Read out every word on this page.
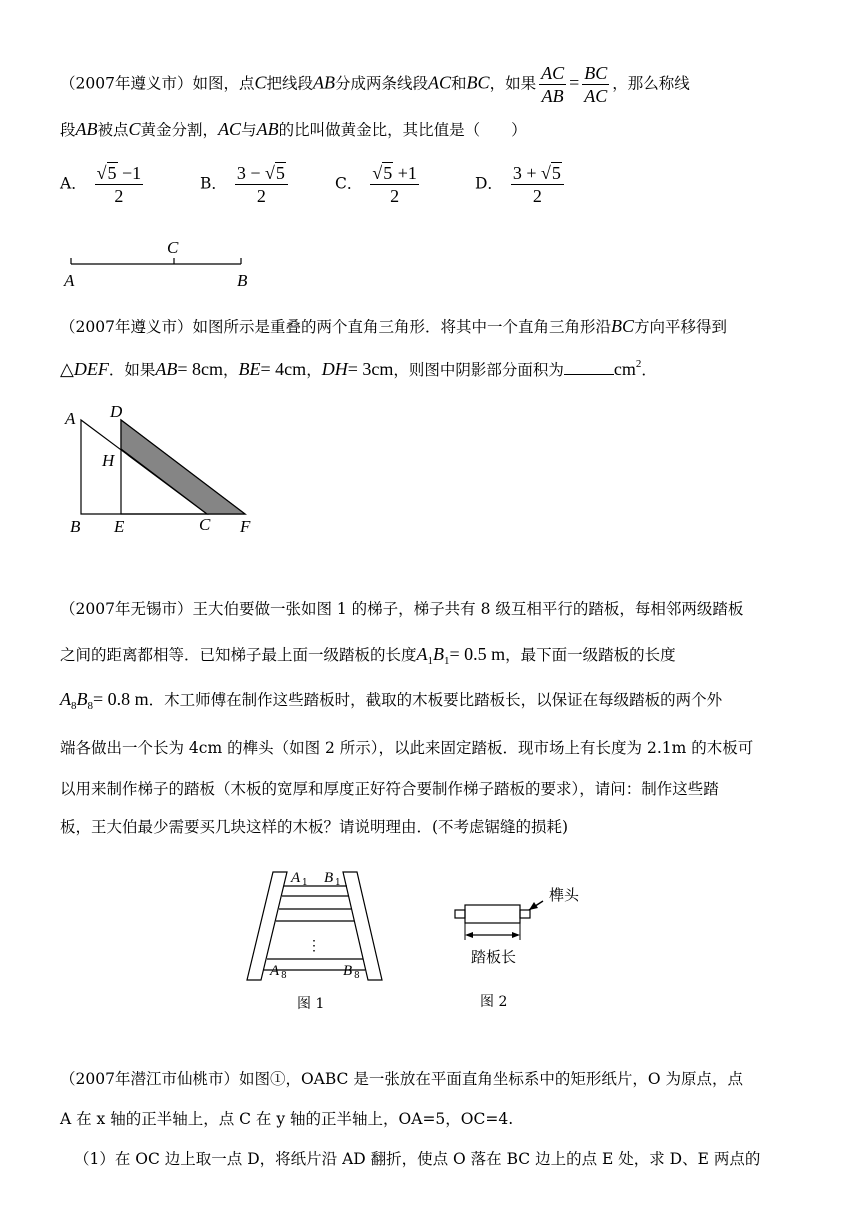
（2007年遵义市）如图，点C把线段AB分成两条线段AC和BC，如果 $\frac{AC}{AB} = \frac{BC}{AC}$ ，那么称线
段AB被点C黄金分割，AC与AB的比叫做黄金比，其比值是（　　）
A． $\frac{√5 -1}{2}$	B． $\frac{3 - √5}{2}$	C． $\frac{√5 +1}{2}$	D． $\frac{3 + √5}{2}$
C
A	B
（2007年遵义市）如图所示是重叠的两个直角三角形．将其中一个直角三角形沿BC方向平移得到
△DEF．如果AB= 8cm，BE= 4cm，DH= 3cm，则图中阴影部分面积为	$cm^2$．
A D
H
B E	C F
（2007年无锡市）王大伯要做一张如图 1 的梯子，梯子共有 8 级互相平行的踏板，每相邻两级踏板
之间的距离都相等．已知梯子最上面一级踏板的长度$A_1B_1= 0.5$ m，最下面一级踏板的长度
$A_8B_8= 0.8$ m．木工师傅在制作这些踏板时，截取的木板要比踏板长，以保证在每级踏板的两个外
端各做出一个长为 4cm 的榫头（如图 2 所示），以此来固定踏板．现市场上有长度为 2.1m 的木板可
以用来制作梯子的踏板（木板的宽厚和厚度正好符合要制作梯子踏板的要求），请问：制作这些踏
板，王大伯最少需要买几块这样的木板？请说明理由．(不考虑锯缝的损耗)
A 1 B 1
⋮
A 8	B 8
图 1
榫头
踏板长
图 2
（2007年潜江市仙桃市）如图①，OABC 是一张放在平面直角坐标系中的矩形纸片，O 为原点，点
A 在 x 轴的正半轴上，点 C 在 y 轴的正半轴上，OA=5，OC=4.
（1）在 OC 边上取一点 D，将纸片沿 AD 翻折，使点 O 落在 BC 边上的点 E 处，求 D、E 两点的
